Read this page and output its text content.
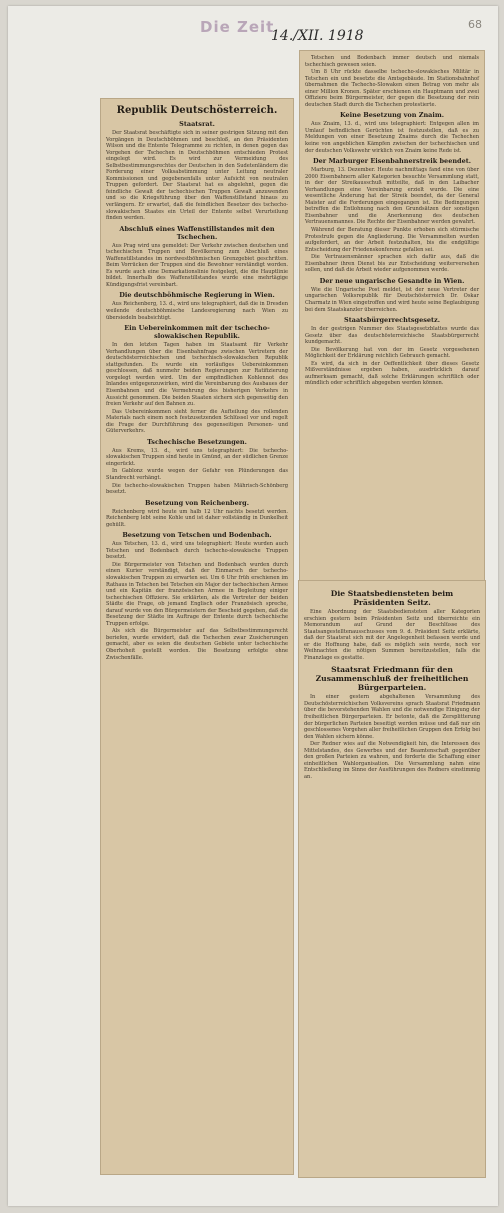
Die Zeit
14./XII. 1918
68
Republik Deutschösterreich.
Staatsrat.

Der Staatsrat beschäftigte sich in seiner gestrigen Sitzung mit den Vorgängen in Deutschböhmen und beschloß, an den Präsidenten Wilson und die Entente Telegramme zu richten, in denen gegen das Vorgehen der Tschechen in Deutschböhmen entschieden Protest eingelegt wird. Es wird zur Vermeidung des Selbstbestimmungsrechtes der Deutschen in den Sudetenländern die Forderung einer Volksabstimmung unter Leitung neutraler Kommissionen und gegebenenfalls unter Aufsicht von neutralen Truppen gefordert. Der Staatsrat hat es abgelehnt, gegen die feindliche Gewalt der tschechischen Truppen Gewalt anzuwenden und so die Kriegsführung über den Waffenstillstand hinaus zu verlängern. Er erwartet, daß die feindlichen Besetzer des tschecho-slowakischen Staates ein Urteil der Entente selbst Verurteilung finden werden.

Abschluß eines Waffenstillstandes mit den Tschechen.

Aus Prag wird uns gemeldet: Der Verkehr zwischen deutschen und tschechischen Truppen und Bevölkerung zum Abschluß eines Waffenstillstandes im nordwestböhmischen Grenzgebiet geschritten. Beim Vorrücken der Truppen sind die Bewohner verständigt worden. Es wurde auch eine Demarkationslinie festgelegt, die die Hauptlinie bildet. Innerhalb des Waffenstillstandes wurde eine mehrtägige Kündigungsfrist vereinbart.

Die deutschböhmische Regierung in Wien.

Aus Reichenberg, 13. d., wird uns telegraphiert, daß die in Dresden weilende deutschböhmische Landesregierung nach Wien zu übersiedeln beabsichtigt.

Ein Uebereinkommen mit der tschecho-slowakischen Republik.

In den letzten Tagen haben im Staatsamt für Verkehr Verhandlungen über die Eisenbahnfrage zwischen Vertretern der deutschösterreichischen und tschechisch-slowakischen Republik stattgefunden. Es wurde ein vorläufiges Uebereinkommen geschlossen, daß nunmehr beiden Regierungen zur Ratifizierung vorgelegt werden wird. Um der empfindlichen Kohlennot des Inlandes entgegenzuwirken, wird die Vereinbarung des Ausbaues der Eisenbahnen und die Vermehrung des bisherigen Verkehrs in Aussicht genommen. Die beiden Staaten sichern sich gegenseitig den freien Verkehr auf den Bahnen zu.

Das Uebereinkommen sieht ferner die Aufteilung des rollenden Materials nach einem noch festzusetzenden Schlüssel vor und regelt die Frage der Durchführung des gegenseitigen Personen- und Güterverkehrs.

Tschechische Besetzungen.

Aus Krems, 13. d., wird uns telegraphiert: Die tschecho-slowakischen Truppen sind heute in Gmünd, an der südlichen Grenze eingerückt.

In Gablonz wurde wegen der Gefahr von Plünderungen das Standrecht verhängt.

Die tschecho-slowakischen Truppen haben Mährisch-Schönberg besetzt.

Besetzung von Reichenberg.

Reichenberg wird heute um halb 12 Uhr nachts besetzt werden. Reichenberg lebt seine Kohle und ist daher vollständig in Dunkelheit gehüllt.

Besetzung von Tetschen und Bodenbach.

Aus Tetschen, 13. d., wird uns telegraphiert: Heute wurden auch Tetschen und Bodenbach durch tschecho-slowakische Truppen besetzt.

Die Bürgermeister von Tetschen und Bodenbach wurden durch einen Kurier verständigt, daß der Einmarsch der tschecho-slowakischen Truppen zu erwarten sei. Um 6 Uhr früh erschienen im Rathaus in Tetschen bei Tetschen ein Major der tschechischen Armee und ein Kapitän der französischen Armee in Begleitung einiger tschechischen Offiziere. Sie erklärten, als die Vertreter der beiden Städte die Frage, ob jemand Englisch oder Französisch spreche, darauf wurde von den Bürgermeistern der Bescheid gegeben, daß die Besetzung der Städte im Auftrage der Entente durch tschechische Truppen erfolge.

Als sich die Bürgermeister auf das Selbstbestimmungsrecht beriefen, wurde erwidert, daß die Tschechen zwar Zusicherungen gemacht, aber es seien die deutschen Gebiete unter tschechische Oberhoheit gestellt worden. Die Besetzung erfolgte ohne Zwischenfälle.

Tetschen und Bodenbach immer deutsch und niemals tschechisch gewesen seien.

Um 8 Uhr rückte dasselbe tschecho-slowakisches Militär in Tetschen ein und besetzte die Amtsgebäude. Im Stationsbahnhof übernahmen die Tschecho-Slowaken einen Betrag von mehr als einer Million Kronen. Später erschienen ein Hauptmann und zwei Offiziere beim Bürgermeister, der gegen die Besetzung der rein deutschen Stadt durch die Tschechen protestierte.

Keine Besetzung von Znaim.

Aus Znaim, 13. d., wird uns telegraphiert: Entgegen allen im Umlauf befindlichen Gerüchten ist festzustellen, daß es zu Meldungen von einer Besetzung Znaims durch die Tschechen keine von angeblichen Kämpfen zwischen der tschechischen und der deutschen Volkswehr wirklich von Znaim keine Rede ist.

Der Marburger Eisenbahnerstreik beendet.

Marburg, 13. Dezember. Heute nachmittags fand eine von über 2000 Eisenbahnern aller Kategorien besuchte Versammlung statt, in der der Streikausschuß mitteilte, daß in den Laibacher Verhandlungen eine Vereinbarung erzielt wurde. Die eine wesentliche Änderung hat der Streik beendet, da der General Maister auf die Forderungen eingegangen ist. Die Bedingungen betreffen die Entlohnung nach den Grundsätzen der sonstigen Eisenbahner und die Anerkennung des deutschen Vertrauensmannes. Die Rechte der Eisenbahner werden gewahrt.

Während der Beratung dieser Punkte erhoben sich stürmische Protestrufe gegen die Angliederung. Die Versammelten wurden aufgefordert, an der Arbeit festzuhalten, bis die endgültige Entscheidung der Friedenskonferenz gefallen sei.

Die Vertrauensmänner sprachen sich dafür aus, daß die Eisenbahner ihren Dienst bis zur Entscheidung weiterversehen sollen, und daß die Arbeit wieder aufgenommen werde.

Der neue ungarische Gesandte in Wien.

Wie die Ungarische Post meldet, ist der neue Vertreter der ungarischen Volksrepublik für Deutschösterreich Dr. Oskar Charmatz in Wien eingetroffen und wird heute seine Beglaubigung bei dem Staatskanzler überreichen.

Staatsbürgerrechtsgesetz.

In der gestrigen Nummer des Staatsgesetzblattes wurde das Gesetz über das deutschösterreichische Staatsbürgerrecht kundgemacht.

Die Bevölkerung hat von der im Gesetz vorgesehenen Möglichkeit der Erklärung reichlich Gebrauch gemacht.

Es wird, da sich in der Oeffentlichkeit über dieses Gesetz Mißverständnisse ergeben haben, ausdrücklich darauf aufmerksam gemacht, daß solche Erklärungen schriftlich oder mündlich oder schriftlich abgegeben werden können.

Die Staatsbediensteten beim Präsidenten Seitz.

Eine Abordnung der Staatsbediensteten aller Kategorien erschien gestern beim Präsidenten Seitz und überreichte ein Memorandum auf Grund der Beschlüsse des Staatsangestelltenausschusses vom 9. d. Präsident Seitz erklärte, daß der Staatsrat sich mit der Angelegenheit befassen werde und er die Hoffnung habe, daß es möglich sein werde, noch vor Weihnachten die nötigen Summen bereitzustellen, falls die Finanzlage es gestatte.

Staatsrat Friedmann für den Zusammenschluß der freiheitlichen Bürgerparteien.

In einer gestern abgehaltenen Versammlung des Deutschösterreichischen Volksvereins sprach Staatsrat Friedmann über die bevorstehenden Wahlen und die notwendige Einigung der freiheitlichen Bürgerparteien. Er betonte, daß die Zersplitterung der bürgerlichen Parteien beseitigt werden müsse und daß nur ein geschlossenes Vorgehen aller freiheitlichen Gruppen den Erfolg bei den Wahlen sichern könne.

Der Redner wies auf die Notwendigkeit hin, die Interessen des Mittelstandes, des Gewerbes und der Beamtenschaft gegenüber den großen Parteien zu wahren, und forderte die Schaffung einer einheitlichen Wahlorganisation. Die Versammlung nahm eine Entschließung im Sinne der Ausführungen des Redners einstimmig an.
